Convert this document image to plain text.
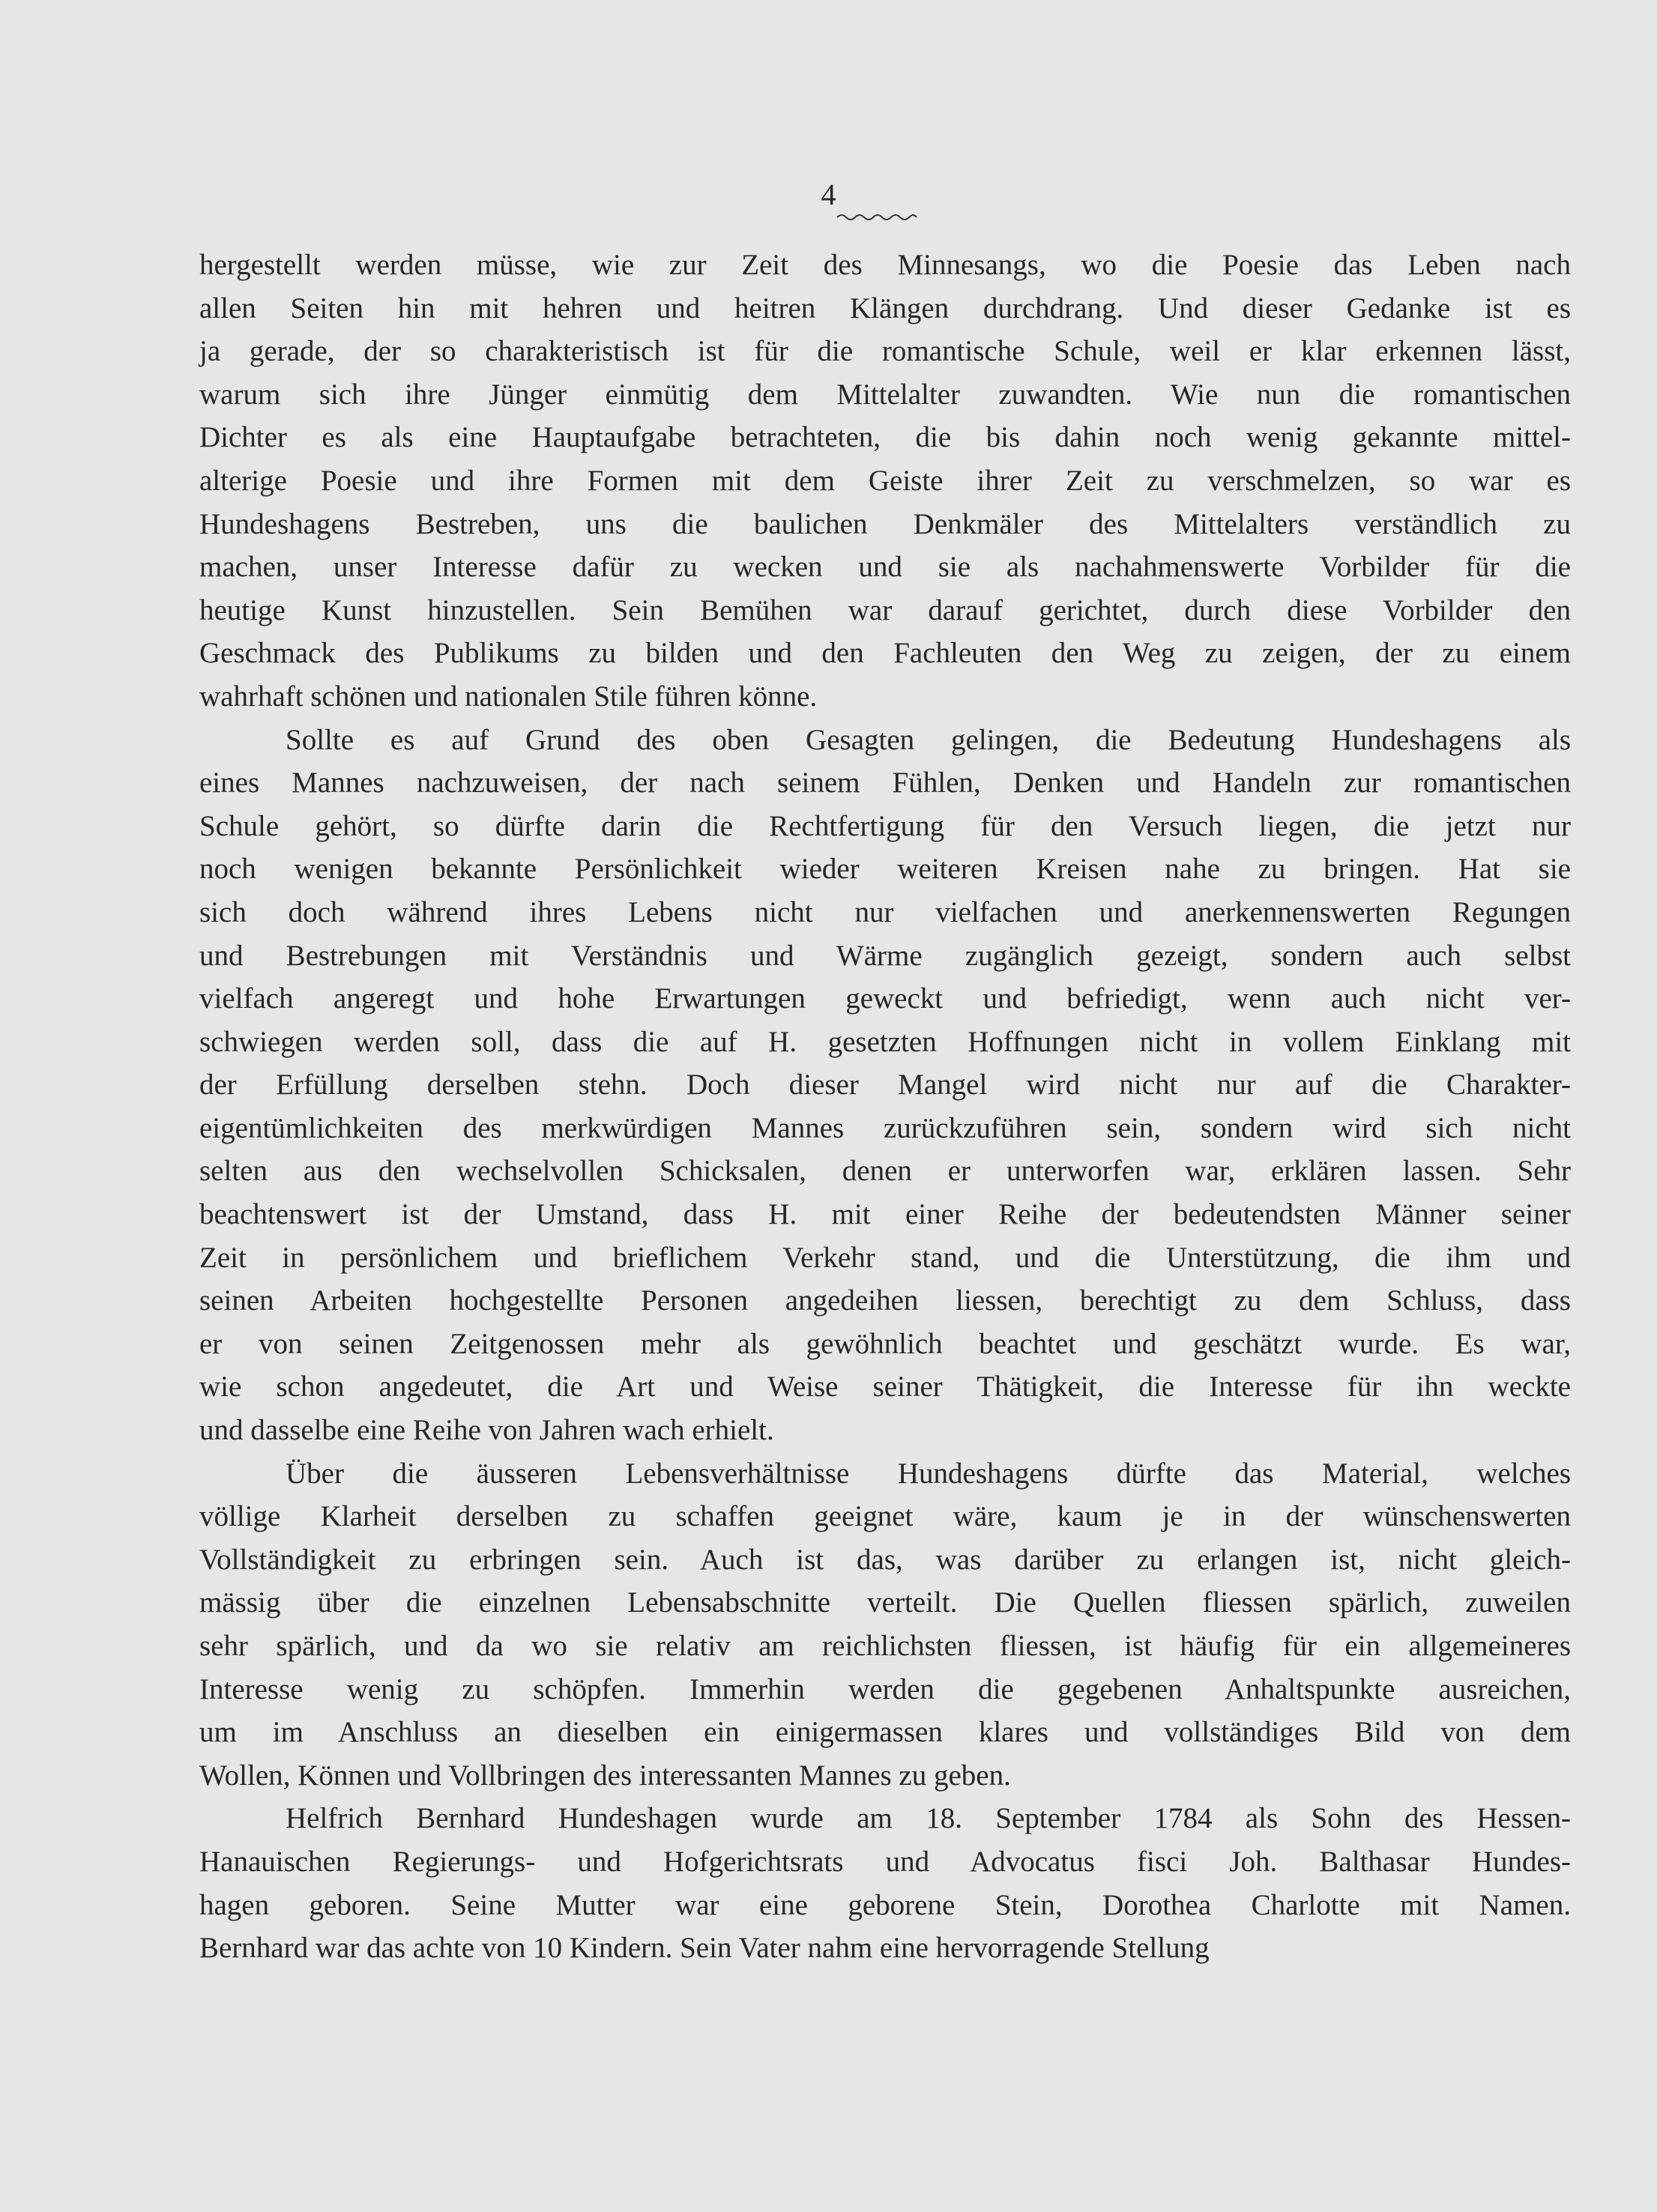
4
hergestellt werden müsse, wie zur Zeit des Minnesangs, wo die Poesie das Leben nach
allen Seiten hin mit hehren und heitren Klängen durchdrang. Und dieser Gedanke ist es
ja gerade, der so charakteristisch ist für die romantische Schule, weil er klar erkennen lässt,
warum sich ihre Jünger einmütig dem Mittelalter zuwandten. Wie nun die romantischen
Dichter es als eine Hauptaufgabe betrachteten, die bis dahin noch wenig gekannte mittel-
alterige Poesie und ihre Formen mit dem Geiste ihrer Zeit zu verschmelzen, so war es
Hundeshagens Bestreben, uns die baulichen Denkmäler des Mittelalters verständlich zu
machen, unser Interesse dafür zu wecken und sie als nachahmenswerte Vorbilder für die
heutige Kunst hinzustellen. Sein Bemühen war darauf gerichtet, durch diese Vorbilder den
Geschmack des Publikums zu bilden und den Fachleuten den Weg zu zeigen, der zu einem
wahrhaft schönen und nationalen Stile führen könne.
Sollte es auf Grund des oben Gesagten gelingen, die Bedeutung Hundeshagens als
eines Mannes nachzuweisen, der nach seinem Fühlen, Denken und Handeln zur romantischen
Schule gehört, so dürfte darin die Rechtfertigung für den Versuch liegen, die jetzt nur
noch wenigen bekannte Persönlichkeit wieder weiteren Kreisen nahe zu bringen. Hat sie
sich doch während ihres Lebens nicht nur vielfachen und anerkennenswerten Regungen
und Bestrebungen mit Verständnis und Wärme zugänglich gezeigt, sondern auch selbst
vielfach angeregt und hohe Erwartungen geweckt und befriedigt, wenn auch nicht ver-
schwiegen werden soll, dass die auf H. gesetzten Hoffnungen nicht in vollem Einklang mit
der Erfüllung derselben stehn. Doch dieser Mangel wird nicht nur auf die Charakter-
eigentümlichkeiten des merkwürdigen Mannes zurückzuführen sein, sondern wird sich nicht
selten aus den wechselvollen Schicksalen, denen er unterworfen war, erklären lassen. Sehr
beachtenswert ist der Umstand, dass H. mit einer Reihe der bedeutendsten Männer seiner
Zeit in persönlichem und brieflichem Verkehr stand, und die Unterstützung, die ihm und
seinen Arbeiten hochgestellte Personen angedeihen liessen, berechtigt zu dem Schluss, dass
er von seinen Zeitgenossen mehr als gewöhnlich beachtet und geschätzt wurde. Es war,
wie schon angedeutet, die Art und Weise seiner Thätigkeit, die Interesse für ihn weckte
und dasselbe eine Reihe von Jahren wach erhielt.
Über die äusseren Lebensverhältnisse Hundeshagens dürfte das Material, welches
völlige Klarheit derselben zu schaffen geeignet wäre, kaum je in der wünschenswerten
Vollständigkeit zu erbringen sein. Auch ist das, was darüber zu erlangen ist, nicht gleich-
mässig über die einzelnen Lebensabschnitte verteilt. Die Quellen fliessen spärlich, zuweilen
sehr spärlich, und da wo sie relativ am reichlichsten fliessen, ist häufig für ein allgemeineres
Interesse wenig zu schöpfen. Immerhin werden die gegebenen Anhaltspunkte ausreichen,
um im Anschluss an dieselben ein einigermassen klares und vollständiges Bild von dem
Wollen, Können und Vollbringen des interessanten Mannes zu geben.
Helfrich Bernhard Hundeshagen wurde am 18. September 1784 als Sohn des Hessen-
Hanauischen Regierungs- und Hofgerichtsrats und Advocatus fisci Joh. Balthasar Hundes-
hagen geboren. Seine Mutter war eine geborene Stein, Dorothea Charlotte mit Namen.
Bernhard war das achte von 10 Kindern. Sein Vater nahm eine hervorragende Stellung
